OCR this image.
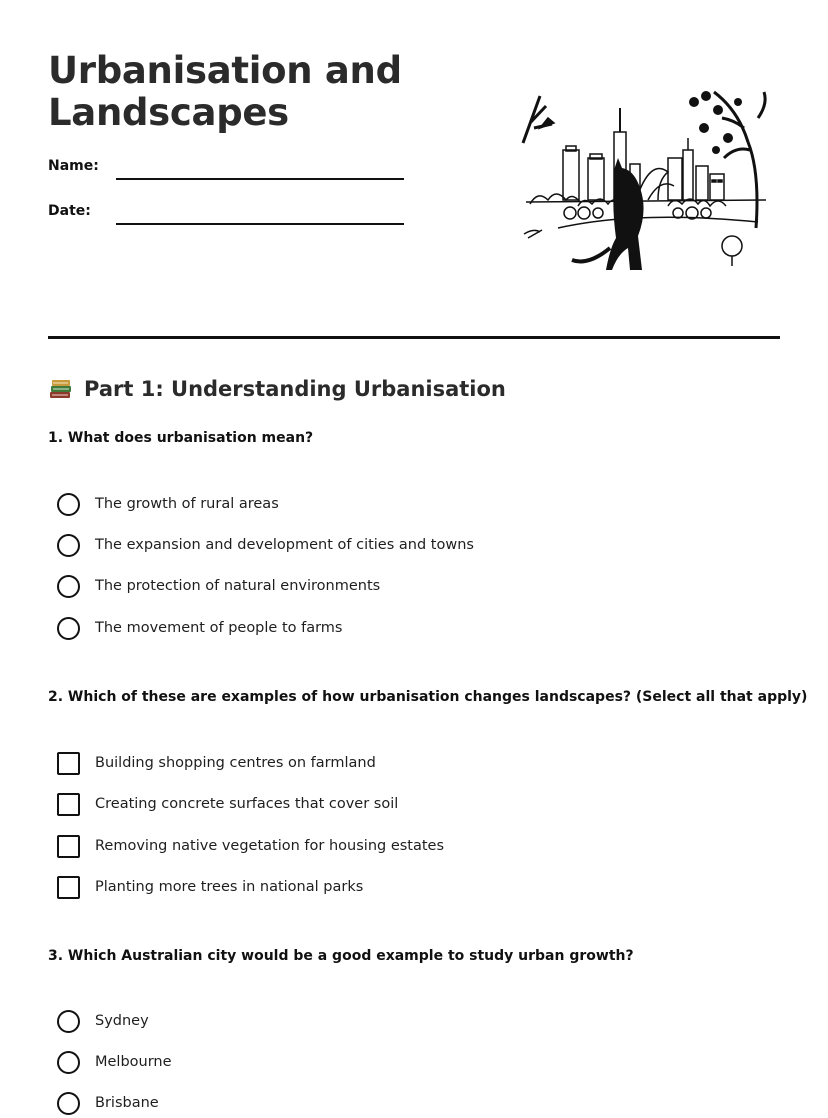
Urbanisation and Landscapes
Name:
Date:
Part 1: Understanding Urbanisation

1. What does urbanisation mean?

The growth of rural areas
The expansion and development of cities and towns
The protection of natural environments
The movement of people to farms

2. Which of these are examples of how urbanisation changes landscapes? (Select all that apply)

Building shopping centres on farmland
Creating concrete surfaces that cover soil
Removing native vegetation for housing estates
Planting more trees in national parks

3. Which Australian city would be a good example to study urban growth?

Sydney
Melbourne
Brisbane
